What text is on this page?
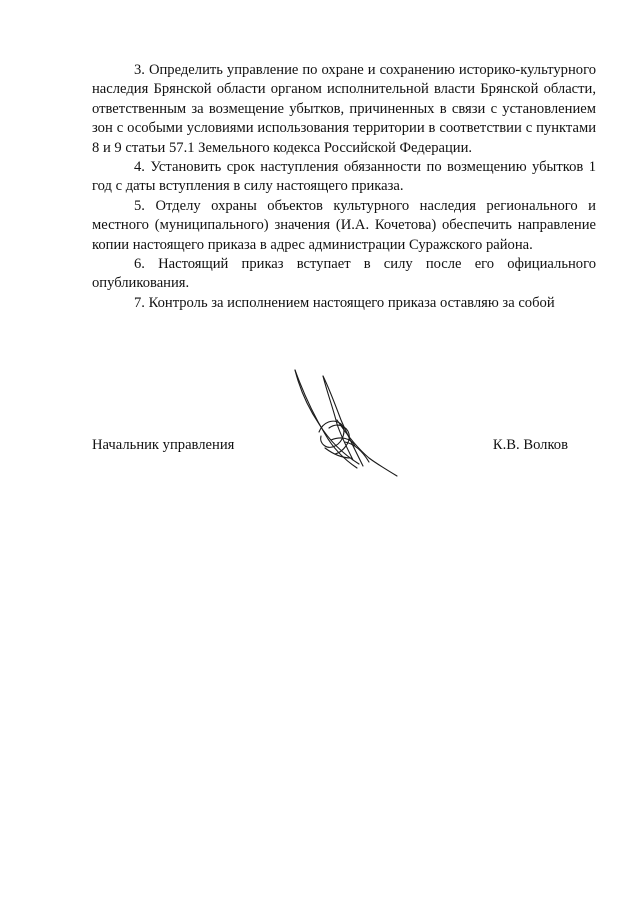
3. Определить управление по охране и сохранению историко-культурного наследия Брянской области органом исполнительной власти Брянской области, ответственным за возмещение убытков, причиненных в связи с установлением зон с особыми условиями использования территории в соответствии с пунктами 8 и 9 статьи 57.1 Земельного кодекса Российской Федерации.

4. Установить срок наступления обязанности по возмещению убытков 1 год с даты вступления в силу настоящего приказа.

5. Отделу охраны объектов культурного наследия регионального и местного (муниципального) значения (И.А. Кочетова) обеспечить направление копии настоящего приказа в адрес администрации Суражского района.

6. Настоящий приказ вступает в силу после его официального опубликования.

7. Контроль за исполнением настоящего приказа оставляю за собой

Начальник управления	К.В. Волков
